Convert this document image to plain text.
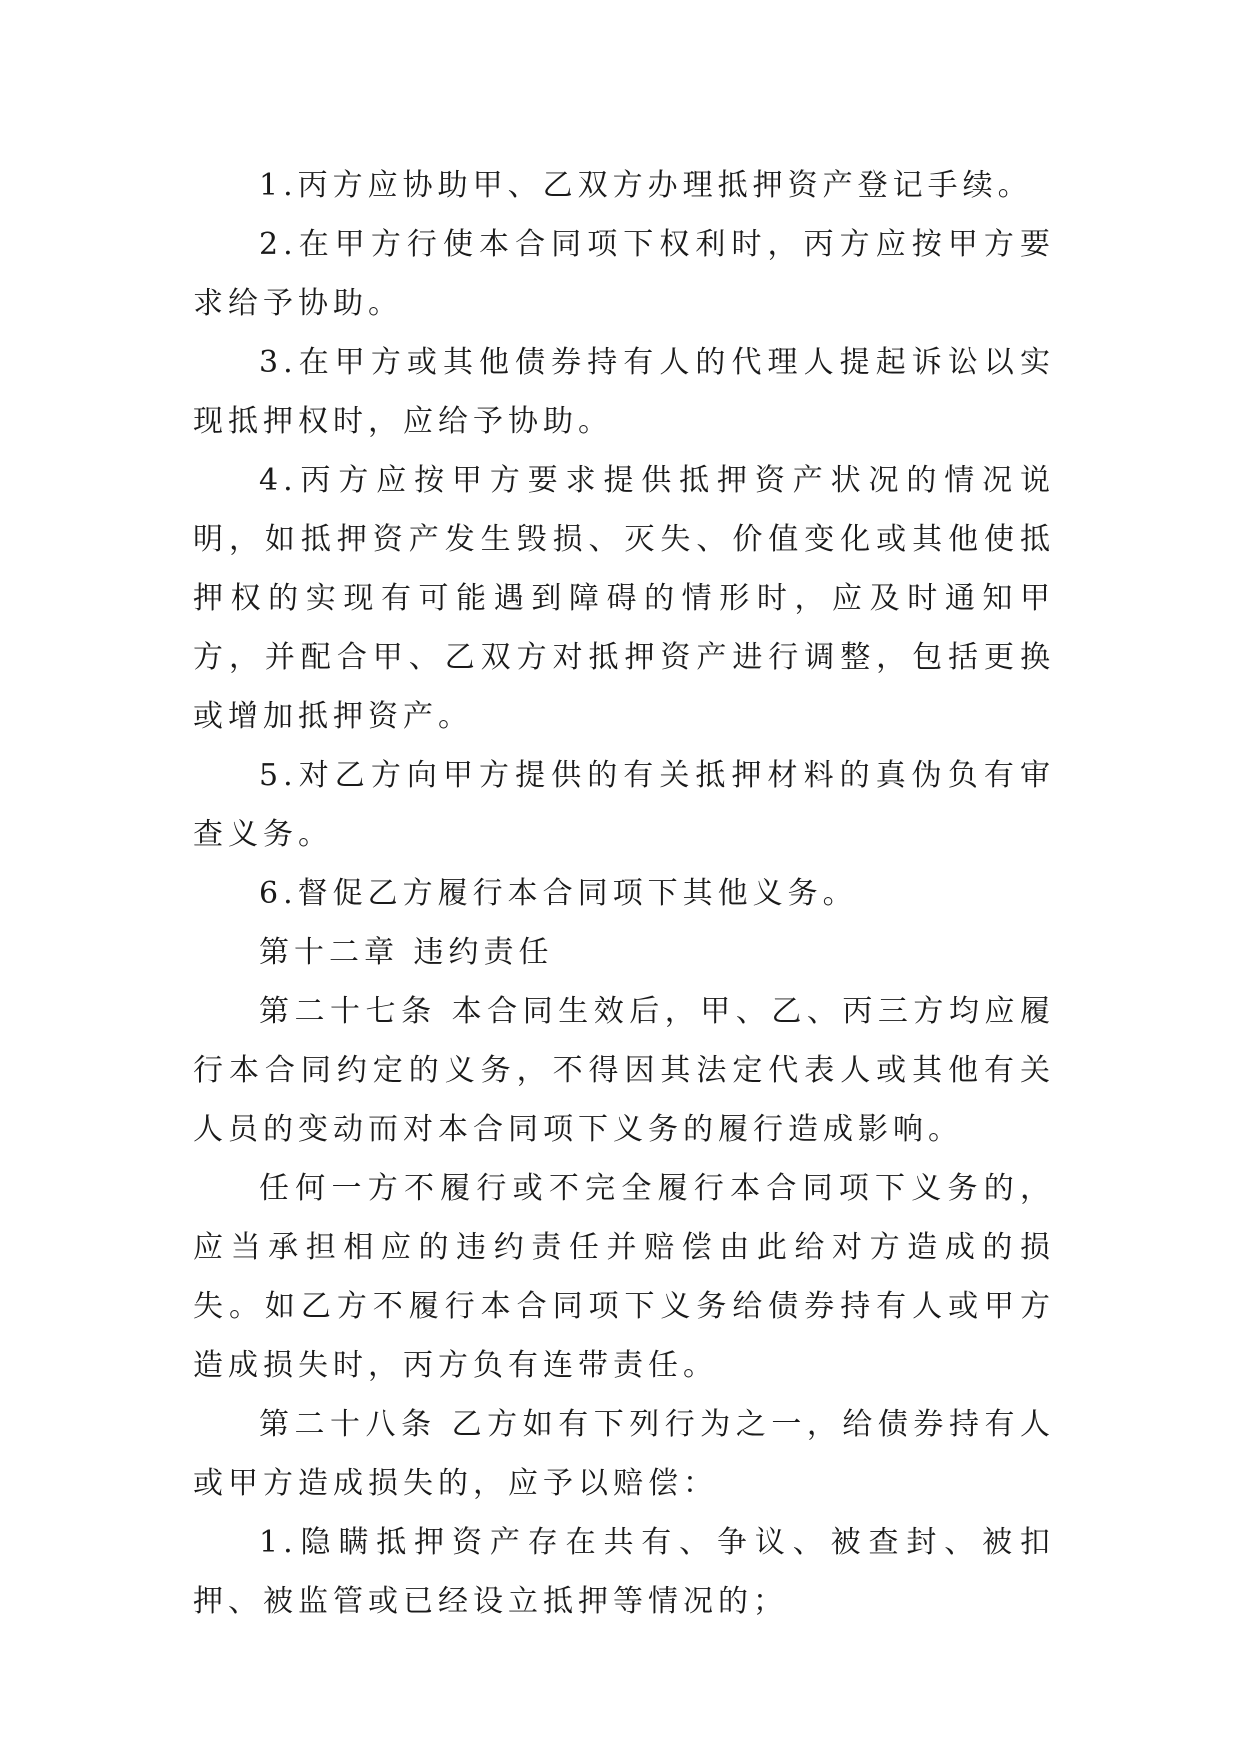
1.丙方应协助甲、乙双方办理抵押资产登记手续。

2.在甲方行使本合同项下权利时，丙方应按甲方要求给予协助。

3.在甲方或其他债券持有人的代理人提起诉讼以实现抵押权时，应给予协助。

4.丙方应按甲方要求提供抵押资产状况的情况说明，如抵押资产发生毁损、灭失、价值变化或其他使抵押权的实现有可能遇到障碍的情形时，应及时通知甲方，并配合甲、乙双方对抵押资产进行调整，包括更换或增加抵押资产。

5.对乙方向甲方提供的有关抵押材料的真伪负有审查义务。

6.督促乙方履行本合同项下其他义务。

第十二章 违约责任

第二十七条 本合同生效后，甲、乙、丙三方均应履行本合同约定的义务，不得因其法定代表人或其他有关人员的变动而对本合同项下义务的履行造成影响。

任何一方不履行或不完全履行本合同项下义务的，应当承担相应的违约责任并赔偿由此给对方造成的损失。如乙方不履行本合同项下义务给债券持有人或甲方造成损失时，丙方负有连带责任。

第二十八条 乙方如有下列行为之一，给债券持有人或甲方造成损失的，应予以赔偿：

1.隐瞒抵押资产存在共有、争议、被查封、被扣押、被监管或已经设立抵押等情况的；
